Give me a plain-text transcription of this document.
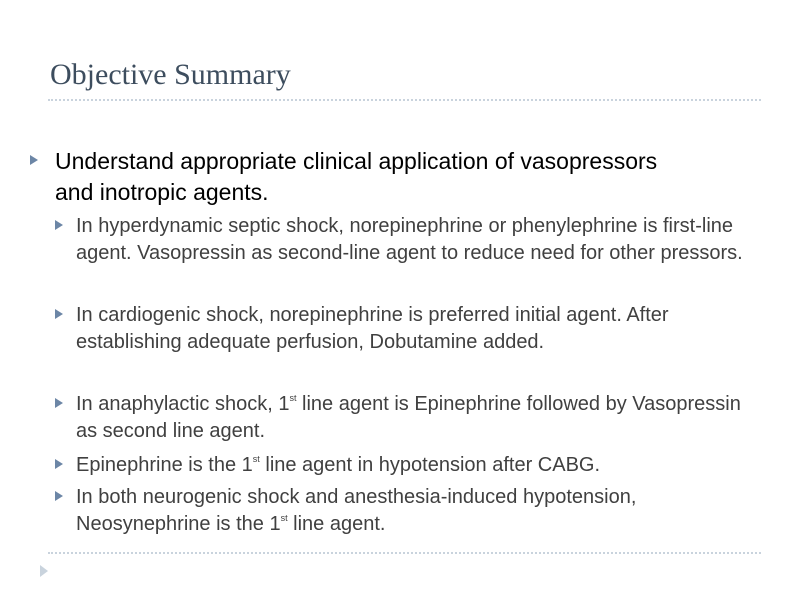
Objective Summary

Understand appropriate clinical application of vasopressors and inotropic agents.

In hyperdynamic septic shock, norepinephrine or phenylephrine is first-line agent. Vasopressin as second-line agent to reduce need for other pressors.

In cardiogenic shock, norepinephrine is preferred initial agent. After establishing adequate perfusion, Dobutamine added.

In anaphylactic shock, 1st line agent is Epinephrine followed by Vasopressin as second line agent.

Epinephrine is the 1st line agent in hypotension after CABG.

In both neurogenic shock and anesthesia-induced hypotension, Neosynephrine is the 1st line agent.
